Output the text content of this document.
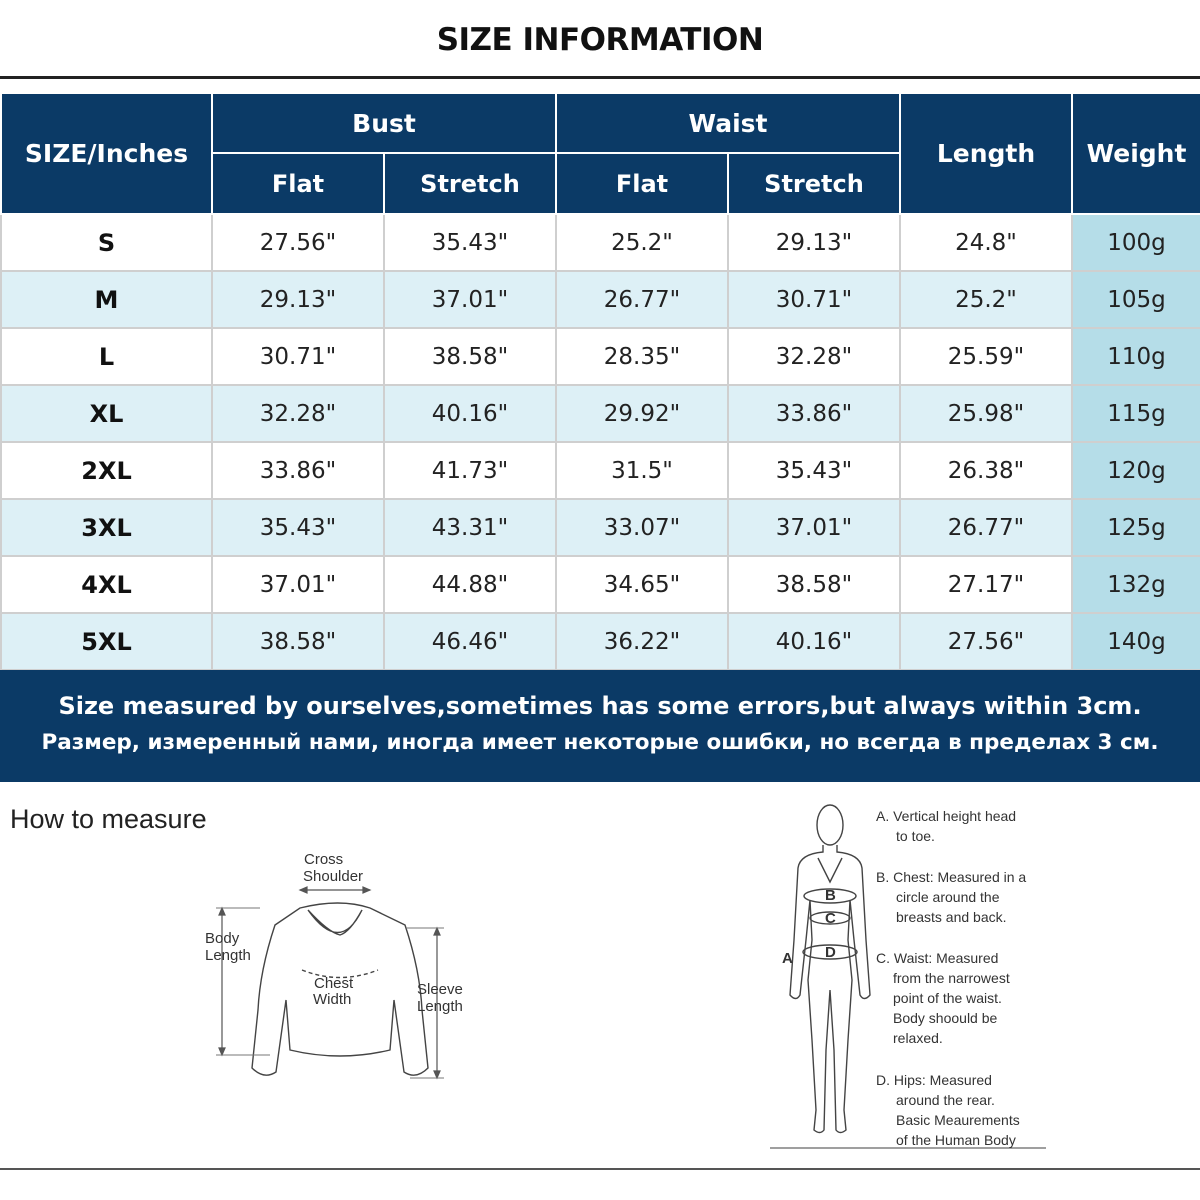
SIZE INFORMATION
SIZE/Inches	Bust		Waist		Length	Weight
	Flat	Stretch	Flat	Stretch		
S	27.56"	35.43"	25.2"	29.13"	24.8"	100g
M	29.13"	37.01"	26.77"	30.71"	25.2"	105g
L	30.71"	38.58"	28.35"	32.28"	25.59"	110g
XL	32.28"	40.16"	29.92"	33.86"	25.98"	115g
2XL	33.86"	41.73"	31.5"	35.43"	26.38"	120g
3XL	35.43"	43.31"	33.07"	37.01"	26.77"	125g
4XL	37.01"	44.88"	34.65"	38.58"	27.17"	132g
5XL	38.58"	46.46"	36.22"	40.16"	27.56"	140g
Size measured by ourselves,sometimes has some errors,but always within 3cm.
Размер, измеренный нами, иногда имеет некоторые ошибки, но всегда в пределах 3 см.
How to measure
Cross
Shoulder
Body
Length
Chest
Width
Sleeve
Length
B
C
D
A
A. Vertical height head
to toe.
B. Chest: Measured in a
circle around the
breasts and back.
C. Waist: Measured
from the narrowest
point of the waist.
Body shoould be
relaxed.
D. Hips: Measured
around the rear.
Basic Meaurements
of the Human Body
